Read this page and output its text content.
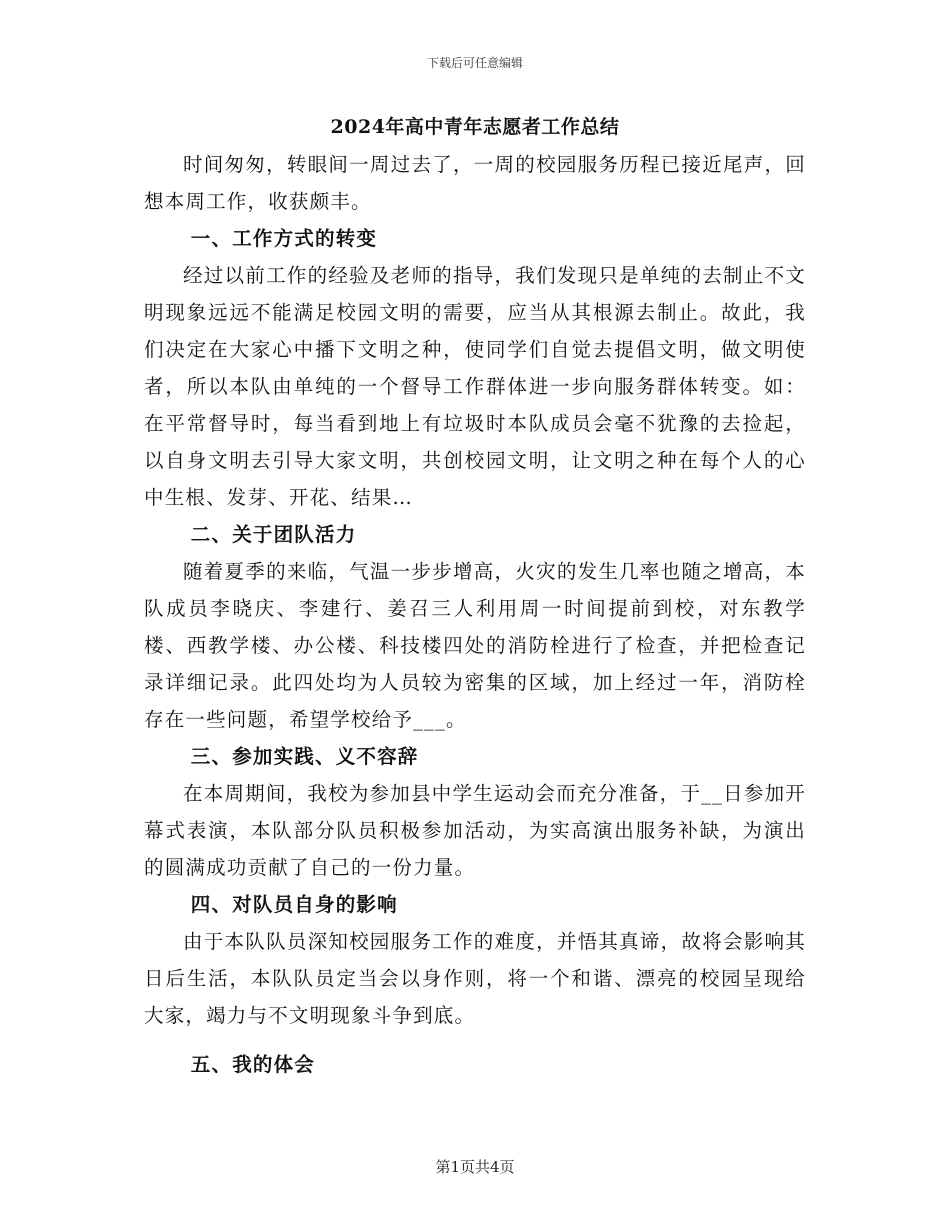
下载后可任意编辑

2024年高中青年志愿者工作总结

时间匆匆，转眼间一周过去了，一周的校园服务历程已接近尾声，回想本周工作，收获颇丰。

一、工作方式的转变

经过以前工作的经验及老师的指导，我们发现只是单纯的去制止不文明现象远远不能满足校园文明的需要，应当从其根源去制止。故此，我们决定在大家心中播下文明之种，使同学们自觉去提倡文明，做文明使者，所以本队由单纯的一个督导工作群体进一步向服务群体转变。如：在平常督导时，每当看到地上有垃圾时本队成员会毫不犹豫的去捡起，以自身文明去引导大家文明，共创校园文明，让文明之种在每个人的心中生根、发芽、开花、结果…

二、关于团队活力

随着夏季的来临，气温一步步增高，火灾的发生几率也随之增高，本队成员李晓庆、李建行、姜召三人利用周一时间提前到校，对东教学楼、西教学楼、办公楼、科技楼四处的消防栓进行了检查，并把检查记录详细记录。此四处均为人员较为密集的区域，加上经过一年，消防栓存在一些问题，希望学校给予___。

三、参加实践、义不容辞

在本周期间，我校为参加县中学生运动会而充分准备，于__日参加开幕式表演，本队部分队员积极参加活动，为实高演出服务补缺，为演出的圆满成功贡献了自己的一份力量。

四、对队员自身的影响

由于本队队员深知校园服务工作的难度，并悟其真谛，故将会影响其日后生活，本队队员定当会以身作则，将一个和谐、漂亮的校园呈现给大家，竭力与不文明现象斗争到底。

五、我的体会

第1页共4页
